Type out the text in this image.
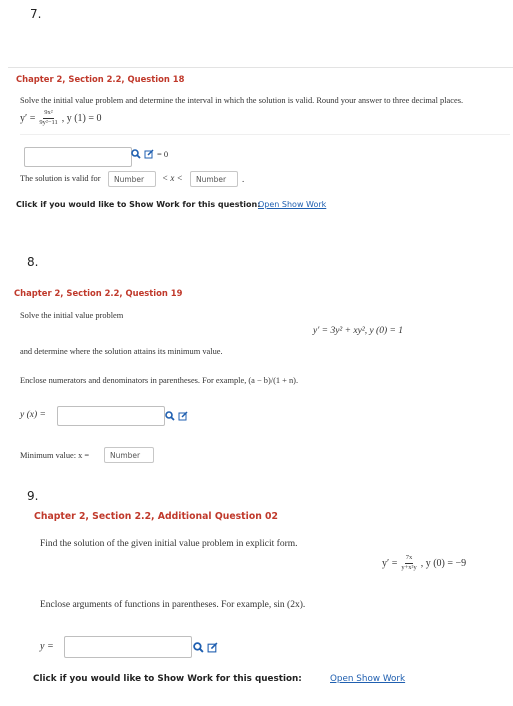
7.
Chapter 2, Section 2.2, Question 18
Solve the initial value problem and determine the interval in which the solution is valid. Round your answer to three decimal places.
$y' = \frac{\text{9x²}}{\text{9y²−11}}$ , y (1) = 0
= 0
The solution is valid for	Number	< x <	Number	.
Click if you would like to Show Work for this question:
Open Show Work
8.
Chapter 2, Section 2.2, Question 19
Solve the initial value problem
y′ = 3y² + xy², y (0) = 1
and determine where the solution attains its minimum value.
Enclose numerators and denominators in parentheses. For example, (a − b)/(1 + n).
y (x) =
Minimum value: x =	Number
9.
Chapter 2, Section 2.2, Additional Question 02
Find the solution of the given initial value problem in explicit form.
$y' = \frac{7x}{\text{y+x²y}}$ , y (0) = −9
Enclose arguments of functions in parentheses. For example, sin (2x).
y =
Click if you would like to Show Work for this question:	Open Show Work
